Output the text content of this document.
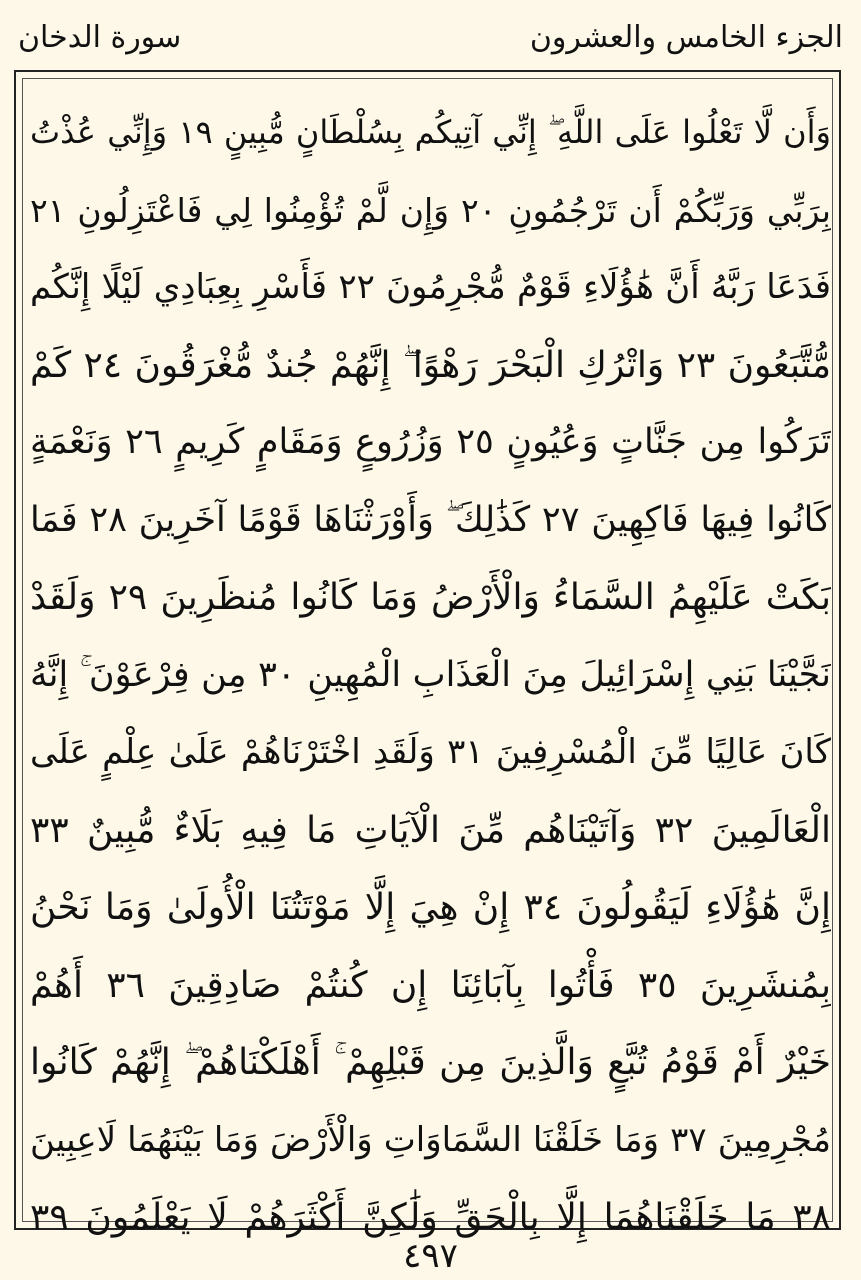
الجزء الخامس والعشرون
سورة الدخان
وَأَن لَّا تَعْلُوا عَلَى اللَّهِ ۖ إِنِّي آتِيكُم بِسُلْطَانٍ مُّبِينٍ ١٩ وَإِنِّي عُذْتُ
بِرَبِّي وَرَبِّكُمْ أَن تَرْجُمُونِ ٢٠ وَإِن لَّمْ تُؤْمِنُوا لِي فَاعْتَزِلُونِ ٢١
فَدَعَا رَبَّهُ أَنَّ هَٰؤُلَاءِ قَوْمٌ مُّجْرِمُونَ ٢٢ فَأَسْرِ بِعِبَادِي لَيْلًا إِنَّكُم
مُّتَّبَعُونَ ٢٣ وَاتْرُكِ الْبَحْرَ رَهْوًا ۖ إِنَّهُمْ جُندٌ مُّغْرَقُونَ ٢٤ كَمْ
تَرَكُوا مِن جَنَّاتٍ وَعُيُونٍ ٢٥ وَزُرُوعٍ وَمَقَامٍ كَرِيمٍ ٢٦ وَنَعْمَةٍ
كَانُوا فِيهَا فَاكِهِينَ ٢٧ كَذَٰلِكَ ۖ وَأَوْرَثْنَاهَا قَوْمًا آخَرِينَ ٢٨ فَمَا
بَكَتْ عَلَيْهِمُ السَّمَاءُ وَالْأَرْضُ وَمَا كَانُوا مُنظَرِينَ ٢٩ وَلَقَدْ
نَجَّيْنَا بَنِي إِسْرَائِيلَ مِنَ الْعَذَابِ الْمُهِينِ ٣٠ مِن فِرْعَوْنَ ۚ إِنَّهُ
كَانَ عَالِيًا مِّنَ الْمُسْرِفِينَ ٣١ وَلَقَدِ اخْتَرْنَاهُمْ عَلَىٰ عِلْمٍ عَلَى
الْعَالَمِينَ ٣٢ وَآتَيْنَاهُم مِّنَ الْآيَاتِ مَا فِيهِ بَلَاءٌ مُّبِينٌ ٣٣
إِنَّ هَٰؤُلَاءِ لَيَقُولُونَ ٣٤ إِنْ هِيَ إِلَّا مَوْتَتُنَا الْأُولَىٰ وَمَا نَحْنُ
بِمُنشَرِينَ ٣٥ فَأْتُوا بِآبَائِنَا إِن كُنتُمْ صَادِقِينَ ٣٦ أَهُمْ
خَيْرٌ أَمْ قَوْمُ تُبَّعٍ وَالَّذِينَ مِن قَبْلِهِمْ ۚ أَهْلَكْنَاهُمْ ۖ إِنَّهُمْ كَانُوا
مُجْرِمِينَ ٣٧ وَمَا خَلَقْنَا السَّمَاوَاتِ وَالْأَرْضَ وَمَا بَيْنَهُمَا لَاعِبِينَ
٣٨ مَا خَلَقْنَاهُمَا إِلَّا بِالْحَقِّ وَلَٰكِنَّ أَكْثَرَهُمْ لَا يَعْلَمُونَ ٣٩
٤٩٧
